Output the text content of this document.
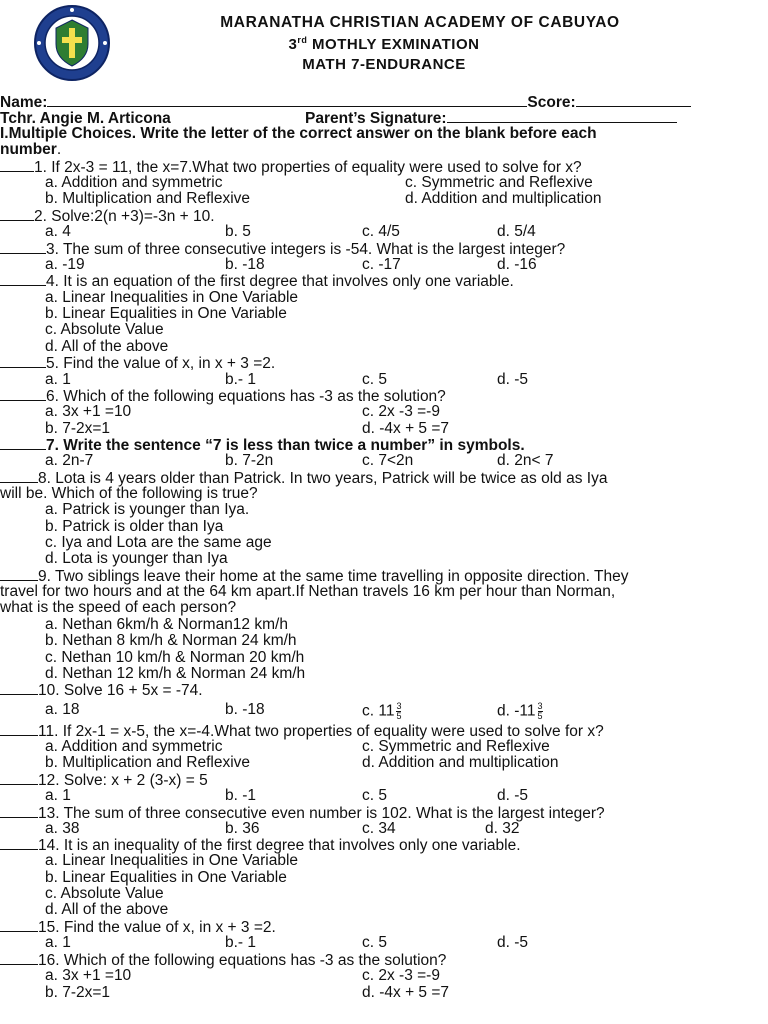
MARANATHA CHRISTIAN ACADEMY OF CABUYAO
3rd MOTHLY EXMINATION
MATH 7-ENDURANCE
Name:	Score:
Tchr. Angie M. Articona	Parent’s Signature:
I.Multiple Choices. Write the letter of the correct answer on the blank before each
number.
1. If 2x-3 = 11, the x=7.What two properties of equality were used to solve for x?
a. Addition and symmetric	c. Symmetric and Reflexive
b. Multiplication and Reflexive	d. Addition and multiplication
2. Solve:2(n +3)=-3n + 10.
a. 4	b. 5	c. 4/5	d. 5/4
3. The sum of three consecutive integers is -54. What is the largest integer?
a. -19	b. -18	c. -17	d. -16
4. It is an equation of the first degree that involves only one variable.
a. Linear Inequalities in One Variable
b. Linear Equalities in One Variable
c. Absolute Value
d. All of the above
5. Find the value of x, in x + 3 =2.
a. 1	b.- 1	c. 5	d. -5
6. Which of the following equations has -3 as the solution?
a. 3x +1 =10	c. 2x -3 =-9
b. 7-2x=1	d. -4x + 5 =7
7. Write the sentence “7 is less than twice a number” in symbols.
a. 2n-7	b. 7-2n	c. 7<2n	d. 2n< 7
8. Lota is 4 years older than Patrick. In two years, Patrick will be twice as old as Iya
will be. Which of the following is true?
a. Patrick is younger than Iya.
b. Patrick is older than Iya
c. Iya and Lota are the same age
d. Lota is younger than Iya
9. Two siblings leave their home at the same time travelling in opposite direction. They
travel for two hours and at the 64 km apart.If Nethan travels 16 km per hour than Norman,
what is the speed of each person?
a. Nethan 6km/h & Norman12 km/h
b. Nethan 8 km/h & Norman 24 km/h
c. Nethan 10 km/h & Norman 20 km/h
d. Nethan 12 km/h & Norman 24 km/h
10. Solve 16 + 5x = -74.
a. 18	b. -18	c. $11 \frac{3}{5}$	d. $-11 \frac{3}{5}$
11. If 2x-1 = x-5, the x=-4.What two properties of equality were used to solve for x?
a. Addition and symmetric	c. Symmetric and Reflexive
b. Multiplication and Reflexive	d. Addition and multiplication
12. Solve: x + 2 (3-x) = 5
a. 1	b. -1	c. 5	d. -5
13. The sum of three consecutive even number is 102. What is the largest integer?
a. 38	b. 36	c. 34	d. 32
14. It is an inequality of the first degree that involves only one variable.
a. Linear Inequalities in One Variable
b. Linear Equalities in One Variable
c. Absolute Value
d. All of the above
15. Find the value of x, in x + 3 =2.
a. 1	b.- 1	c. 5	d. -5
16. Which of the following equations has -3 as the solution?
a. 3x +1 =10	c. 2x -3 =-9
b. 7-2x=1	d. -4x + 5 =7
